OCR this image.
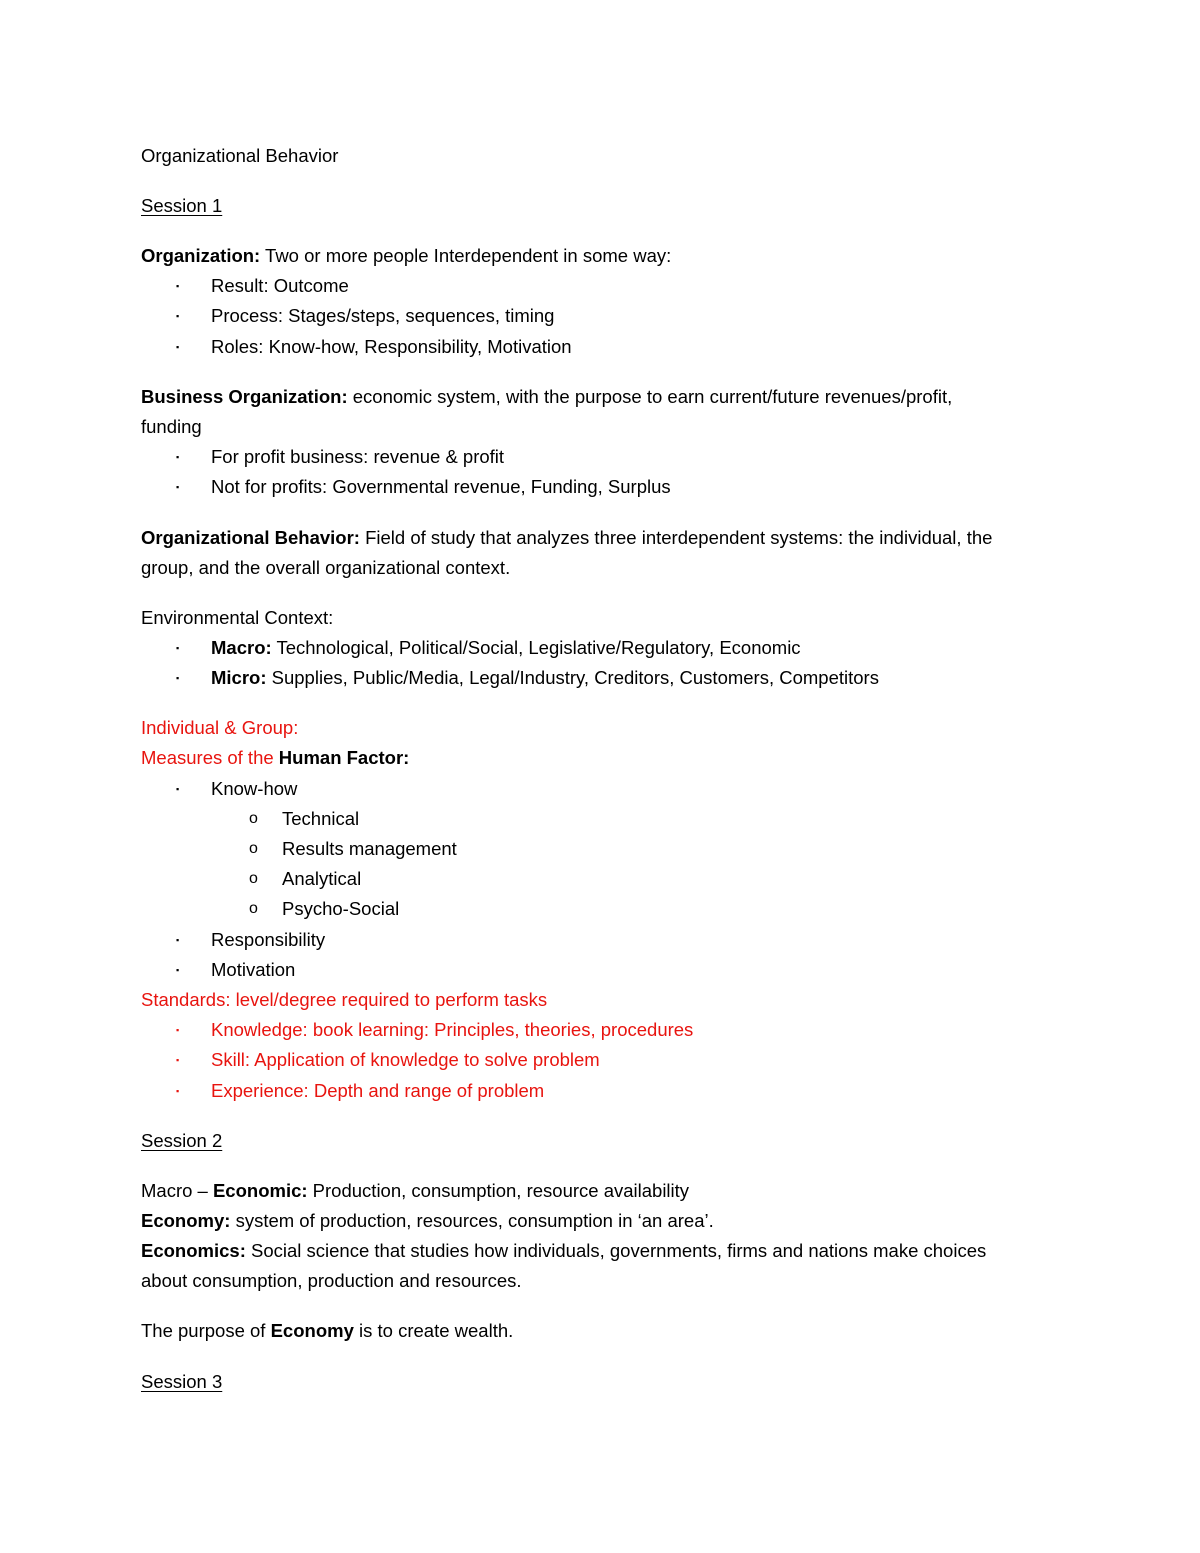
Organizational Behavior
Session 1
Organization: Two or more people Interdependent in some way:
▪ Result: Outcome
▪ Process: Stages/steps, sequences, timing
▪ Roles: Know-how, Responsibility, Motivation
Business Organization: economic system, with the purpose to earn current/future revenues/profit,
funding
▪ For profit business: revenue & profit
▪ Not for profits: Governmental revenue, Funding, Surplus
Organizational Behavior: Field of study that analyzes three interdependent systems: the individual, the
group, and the overall organizational context.
Environmental Context:
▪ Macro: Technological, Political/Social, Legislative/Regulatory, Economic
▪ Micro: Supplies, Public/Media, Legal/Industry, Creditors, Customers, Competitors
Individual & Group:
Measures of the Human Factor:
▪ Know-how
o Technical
o Results management
o Analytical
o Psycho-Social
▪ Responsibility
▪ Motivation
Standards: level/degree required to perform tasks
▪ Knowledge: book learning: Principles, theories, procedures
▪ Skill: Application of knowledge to solve problem
▪ Experience: Depth and range of problem
Session 2
Macro – Economic: Production, consumption, resource availability
Economy: system of production, resources, consumption in ‘an area’.
Economics: Social science that studies how individuals, governments, firms and nations make choices
about consumption, production and resources.
The purpose of Economy is to create wealth.
Session 3
